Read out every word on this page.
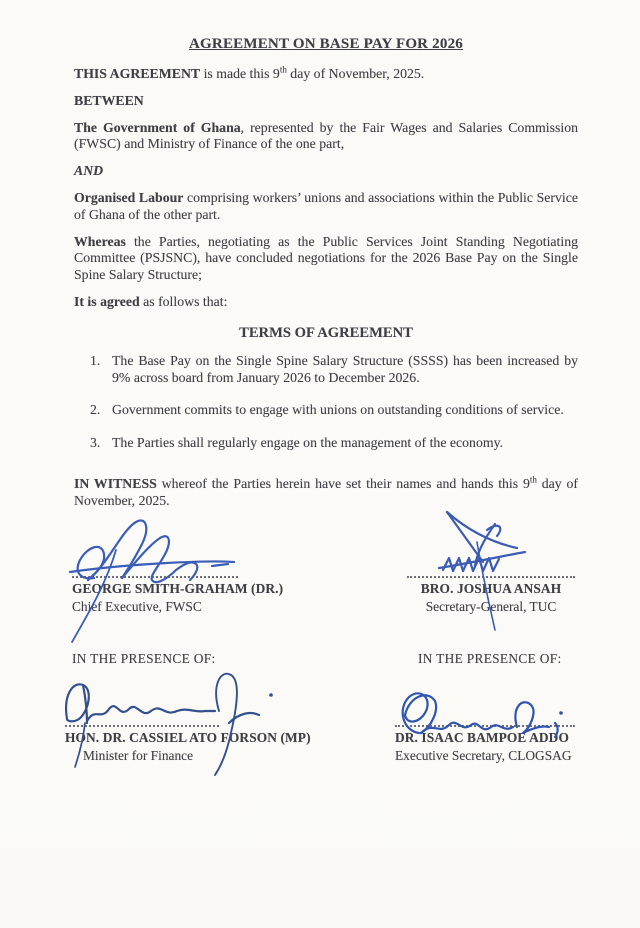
AGREEMENT ON BASE PAY FOR 2026

THIS AGREEMENT is made this 9th day of November, 2025.

BETWEEN

The Government of Ghana, represented by the Fair Wages and Salaries Commission (FWSC) and Ministry of Finance of the one part,

AND

Organised Labour comprising workers’ unions and associations within the Public Service of Ghana of the other part.

Whereas the Parties, negotiating as the Public Services Joint Standing Negotiating Committee (PSJSNC), have concluded negotiations for the 2026 Base Pay on the Single Spine Salary Structure;

It is agreed as follows that:

TERMS OF AGREEMENT
1. The Base Pay on the Single Spine Salary Structure (SSSS) has been increased by 9% across board from January 2026 to December 2026.
2. Government commits to engage with unions on outstanding conditions of service.
3. The Parties shall regularly engage on the management of the economy.

IN WITNESS whereof the Parties herein have set their names and hands this 9th day of November, 2025.

GEORGE SMITH-GRAHAM (DR.)
Chief Executive, FWSC
BRO. JOSHUA ANSAH
Secretary-General, TUC
IN THE PRESENCE OF:	IN THE PRESENCE OF:
HON. DR. CASSIEL ATO FORSON (MP)
Minister for Finance
DR. ISAAC BAMPOE ADDO
Executive Secretary, CLOGSAG
